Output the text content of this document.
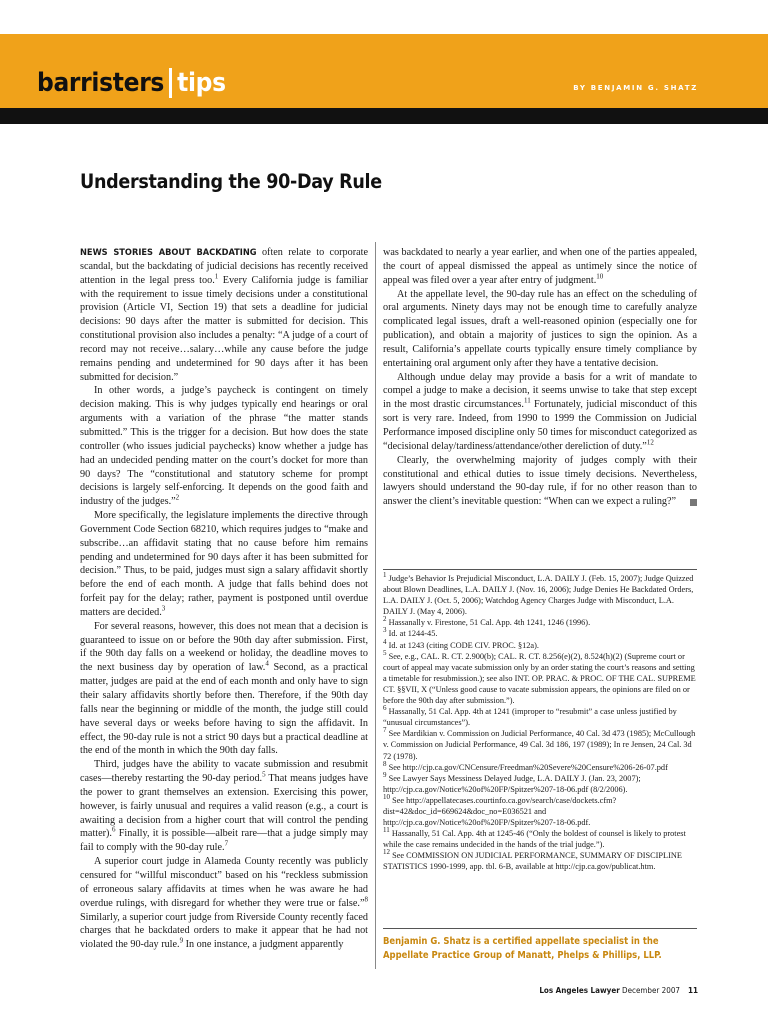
barristers tips	BY BENJAMIN G. SHATZ
Understanding the 90-Day Rule

NEWS STORIES ABOUT BACKDATING often relate to corporate scandal, but the backdating of judicial decisions has recently received attention in the legal press too.$^1$ Every California judge is familiar with the requirement to issue timely decisions under a constitutional provision (Article VI, Section 19) that sets a deadline for judicial decisions: 90 days after the matter is submitted for decision. This constitutional provision also includes a penalty: “A judge of a court of record may not receive…salary…while any cause before the judge remains pending and undetermined for 90 days after it has been submitted for decision.”

In other words, a judge’s paycheck is contingent on timely decision making. This is why judges typically end hearings or oral arguments with a variation of the phrase “the matter stands submitted.” This is the trigger for a decision. But how does the state controller (who issues judicial paychecks) know whether a judge has had an undecided pending matter on the court’s docket for more than 90 days? The “constitutional and statutory scheme for prompt decisions is largely self-enforcing. It depends on the good faith and industry of the judges.”$^2$

More specifically, the legislature implements the directive through Government Code Section 68210, which requires judges to “make and subscribe…an affidavit stating that no cause before him remains pending and undetermined for 90 days after it has been submitted for decision.” Thus, to be paid, judges must sign a salary affidavit shortly before the end of each month. A judge that falls behind does not forfeit pay for the delay; rather, payment is postponed until overdue matters are decided.$^3$

For several reasons, however, this does not mean that a decision is guaranteed to issue on or before the 90th day after submission. First, if the 90th day falls on a weekend or holiday, the deadline moves to the next business day by operation of law.$^4$ Second, as a practical matter, judges are paid at the end of each month and only have to sign their salary affidavits shortly before then. Therefore, if the 90th day falls near the beginning or middle of the month, the judge still could have several days or weeks before having to sign the affidavit. In effect, the 90-day rule is not a strict 90 days but a practical deadline at the end of the month in which the 90th day falls.

Third, judges have the ability to vacate submission and resubmit cases—thereby restarting the 90-day period.$^5$ That means judges have the power to grant themselves an extension. Exercising this power, however, is fairly unusual and requires a valid reason (e.g., a court is awaiting a decision from a higher court that will control the pending matter).$^6$ Finally, it is possible—albeit rare—that a judge simply may fail to comply with the 90-day rule.$^7$

A superior court judge in Alameda County recently was publicly censured for “willful misconduct” based on his “reckless submission of erroneous salary affidavits at times when he was aware he had overdue rulings, with disregard for whether they were true or false.”$^8$ Similarly, a superior court judge from Riverside County recently faced charges that he backdated orders to make it appear that he had not violated the 90-day rule.$^9$ In one instance, a judgment apparently

was backdated to nearly a year earlier, and when one of the parties appealed, the court of appeal dismissed the appeal as untimely since the notice of appeal was filed over a year after entry of judgment.$^{10}$

At the appellate level, the 90-day rule has an effect on the scheduling of oral arguments. Ninety days may not be enough time to carefully analyze complicated legal issues, draft a well-reasoned opinion (especially one for publication), and obtain a majority of justices to sign the opinion. As a result, California’s appellate courts typically ensure timely compliance by entertaining oral argument only after they have a tentative decision.

Although undue delay may provide a basis for a writ of mandate to compel a judge to make a decision, it seems unwise to take that step except in the most drastic circumstances.$^{11}$ Fortunately, judicial misconduct of this sort is very rare. Indeed, from 1990 to 1999 the Commission on Judicial Performance imposed discipline only 50 times for misconduct categorized as “decisional delay/tardiness/attendance/other dereliction of duty.”$^{12}$

Clearly, the overwhelming majority of judges comply with their constitutional and ethical duties to issue timely decisions. Nevertheless, lawyers should understand the 90-day rule, if for no other reason than to answer the client’s inevitable question: “When can we expect a ruling?”

$^1$ Judge’s Behavior Is Prejudicial Misconduct, L.A. DAILY J. (Feb. 15, 2007); Judge Quizzed about Blown Deadlines, L.A. DAILY J. (Nov. 16, 2006); Judge Denies He Backdated Orders, L.A. DAILY J. (Oct. 5, 2006); Watchdog Agency Charges Judge with Misconduct, L.A. DAILY J. (May 4, 2006).
$^2$ Hassanally v. Firestone, 51 Cal. App. 4th 1241, 1246 (1996).
$^3$ Id. at 1244-45.
$^4$ Id. at 1243 (citing CODE CIV. PROC. §12a).
$^5$ See, e.g., CAL. R. CT. 2.900(b); CAL. R. CT. 8.256(e)(2), 8.524(h)(2) (Supreme court or court of appeal may vacate submission only by an order stating the court’s reasons and setting a timetable for resubmission.); see also INT. OP. PRAC. & PROC. OF THE CAL. SUPREME CT. §§VII, X (“Unless good cause to vacate submission appears, the opinions are filed on or before the 90th day after submission.”).
$^6$ Hassanally, 51 Cal. App. 4th at 1241 (improper to “resubmit” a case unless justified by “unusual circumstances”).
$^7$ See Mardikian v. Commission on Judicial Performance, 40 Cal. 3d 473 (1985); McCullough v. Commission on Judicial Performance, 49 Cal. 3d 186, 197 (1989); In re Jensen, 24 Cal. 3d 72 (1978).
$^8$ See http://cjp.ca.gov/CNCensure/Freedman%20Severe%20Censure%206-26-07.pdf
$^9$ See Lawyer Says Messiness Delayed Judge, L.A. DAILY J. (Jan. 23, 2007); http://cjp.ca.gov/Notice%20of%20FP/Spitzer%207-18-06.pdf (8/2/2006).
$^{10}$ See http://appellatecases.courtinfo.ca.gov/search/case/dockets.cfm?dist=42&doc_id=669624&doc_no=E036521 and http://cjp.ca.gov/Notice%20of%20FP/Spitzer%207-18-06.pdf.
$^{11}$ Hassanally, 51 Cal. App. 4th at 1245-46 (“Only the boldest of counsel is likely to protest while the case remains undecided in the hands of the trial judge.”).
$^{12}$ See COMMISSION ON JUDICIAL PERFORMANCE, SUMMARY OF DISCIPLINE STATISTICS 1990-1999, app. tbl. 6-B, available at http://cjp.ca.gov/publicat.htm.
Benjamin G. Shatz is a certified appellate specialist in the Appellate Practice Group of Manatt, Phelps & Phillips, LLP.
Los Angeles Lawyer December 2007 11
